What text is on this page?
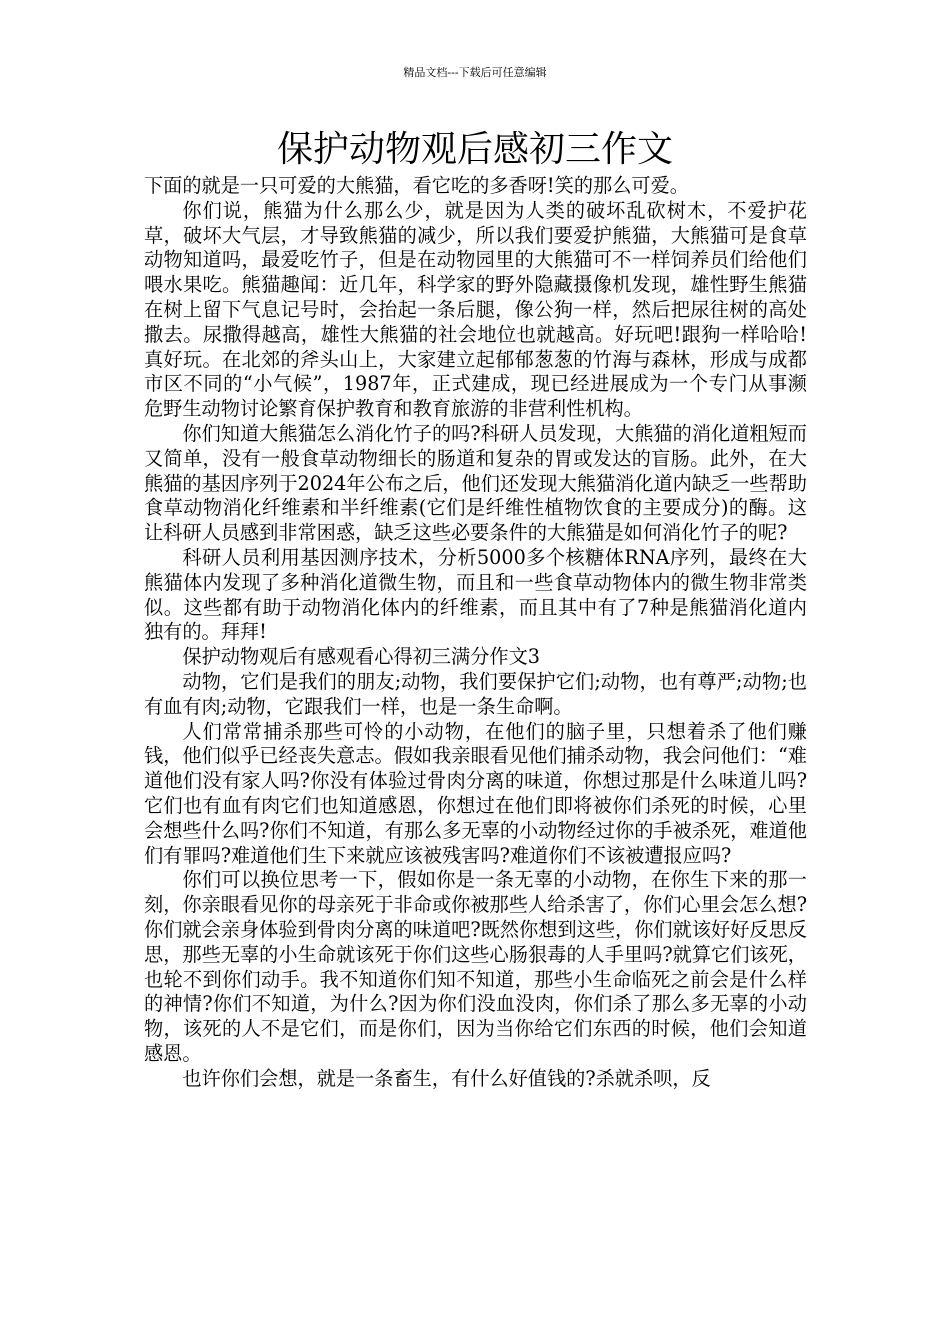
精品文档---下载后可任意编辑
保护动物观后感初三作文

下面的就是一只可爱的大熊猫，看它吃的多香呀!笑的那么可爱。

你们说，熊猫为什么那么少，就是因为人类的破坏乱砍树木，不爱护花草，破坏大气层，才导致熊猫的减少，所以我们要爱护熊猫，大熊猫可是食草动物知道吗，最爱吃竹子，但是在动物园里的大熊猫可不一样饲养员们给他们喂水果吃。熊猫趣闻：近几年，科学家的野外隐藏摄像机发现，雄性野生熊猫在树上留下气息记号时，会抬起一条后腿，像公狗一样，然后把尿往树的高处撒去。尿撒得越高，雄性大熊猫的社会地位也就越高。好玩吧!跟狗一样哈哈!真好玩。在北郊的斧头山上，大家建立起郁郁葱葱的竹海与森林，形成与成都市区不同的“小气候”，1987年，正式建成，现已经进展成为一个专门从事濒危野生动物讨论繁育保护教育和教育旅游的非营利性机构。

你们知道大熊猫怎么消化竹子的吗?科研人员发现，大熊猫的消化道粗短而又简单，没有一般食草动物细长的肠道和复杂的胃或发达的盲肠。此外，在大熊猫的基因序列于2024年公布之后，他们还发现大熊猫消化道内缺乏一些帮助食草动物消化纤维素和半纤维素(它们是纤维性植物饮食的主要成分)的酶。这让科研人员感到非常困惑，缺乏这些必要条件的大熊猫是如何消化竹子的呢?

科研人员利用基因测序技术，分析5000多个核糖体RNA序列，最终在大熊猫体内发现了多种消化道微生物，而且和一些食草动物体内的微生物非常类似。这些都有助于动物消化体内的纤维素，而且其中有了7种是熊猫消化道内独有的。拜拜!

保护动物观后有感观看心得初三满分作文3

动物，它们是我们的朋友;动物，我们要保护它们;动物，也有尊严;动物;也有血有肉;动物，它跟我们一样，也是一条生命啊。

人们常常捕杀那些可怜的小动物，在他们的脑子里，只想着杀了他们赚钱，他们似乎已经丧失意志。假如我亲眼看见他们捕杀动物，我会问他们：“难道他们没有家人吗?你没有体验过骨肉分离的味道，你想过那是什么味道儿吗?它们也有血有肉它们也知道感恩，你想过在他们即将被你们杀死的时候，心里会想些什么吗?你们不知道，有那么多无辜的小动物经过你的手被杀死，难道他们有罪吗?难道他们生下来就应该被残害吗?难道你们不该被遭报应吗?

你们可以换位思考一下，假如你是一条无辜的小动物，在你生下来的那一刻，你亲眼看见你的母亲死于非命或你被那些人给杀害了，你们心里会怎么想?你们就会亲身体验到骨肉分离的味道吧?既然你想到这些，你们就该好好反思反思，那些无辜的小生命就该死于你们这些心肠狠毒的人手里吗?就算它们该死，也轮不到你们动手。我不知道你们知不知道，那些小生命临死之前会是什么样的神情?你们不知道，为什么?因为你们没血没肉，你们杀了那么多无辜的小动物，该死的人不是它们，而是你们，因为当你给它们东西的时候，他们会知道感恩。

也许你们会想，就是一条畜生，有什么好值钱的?杀就杀呗，反
